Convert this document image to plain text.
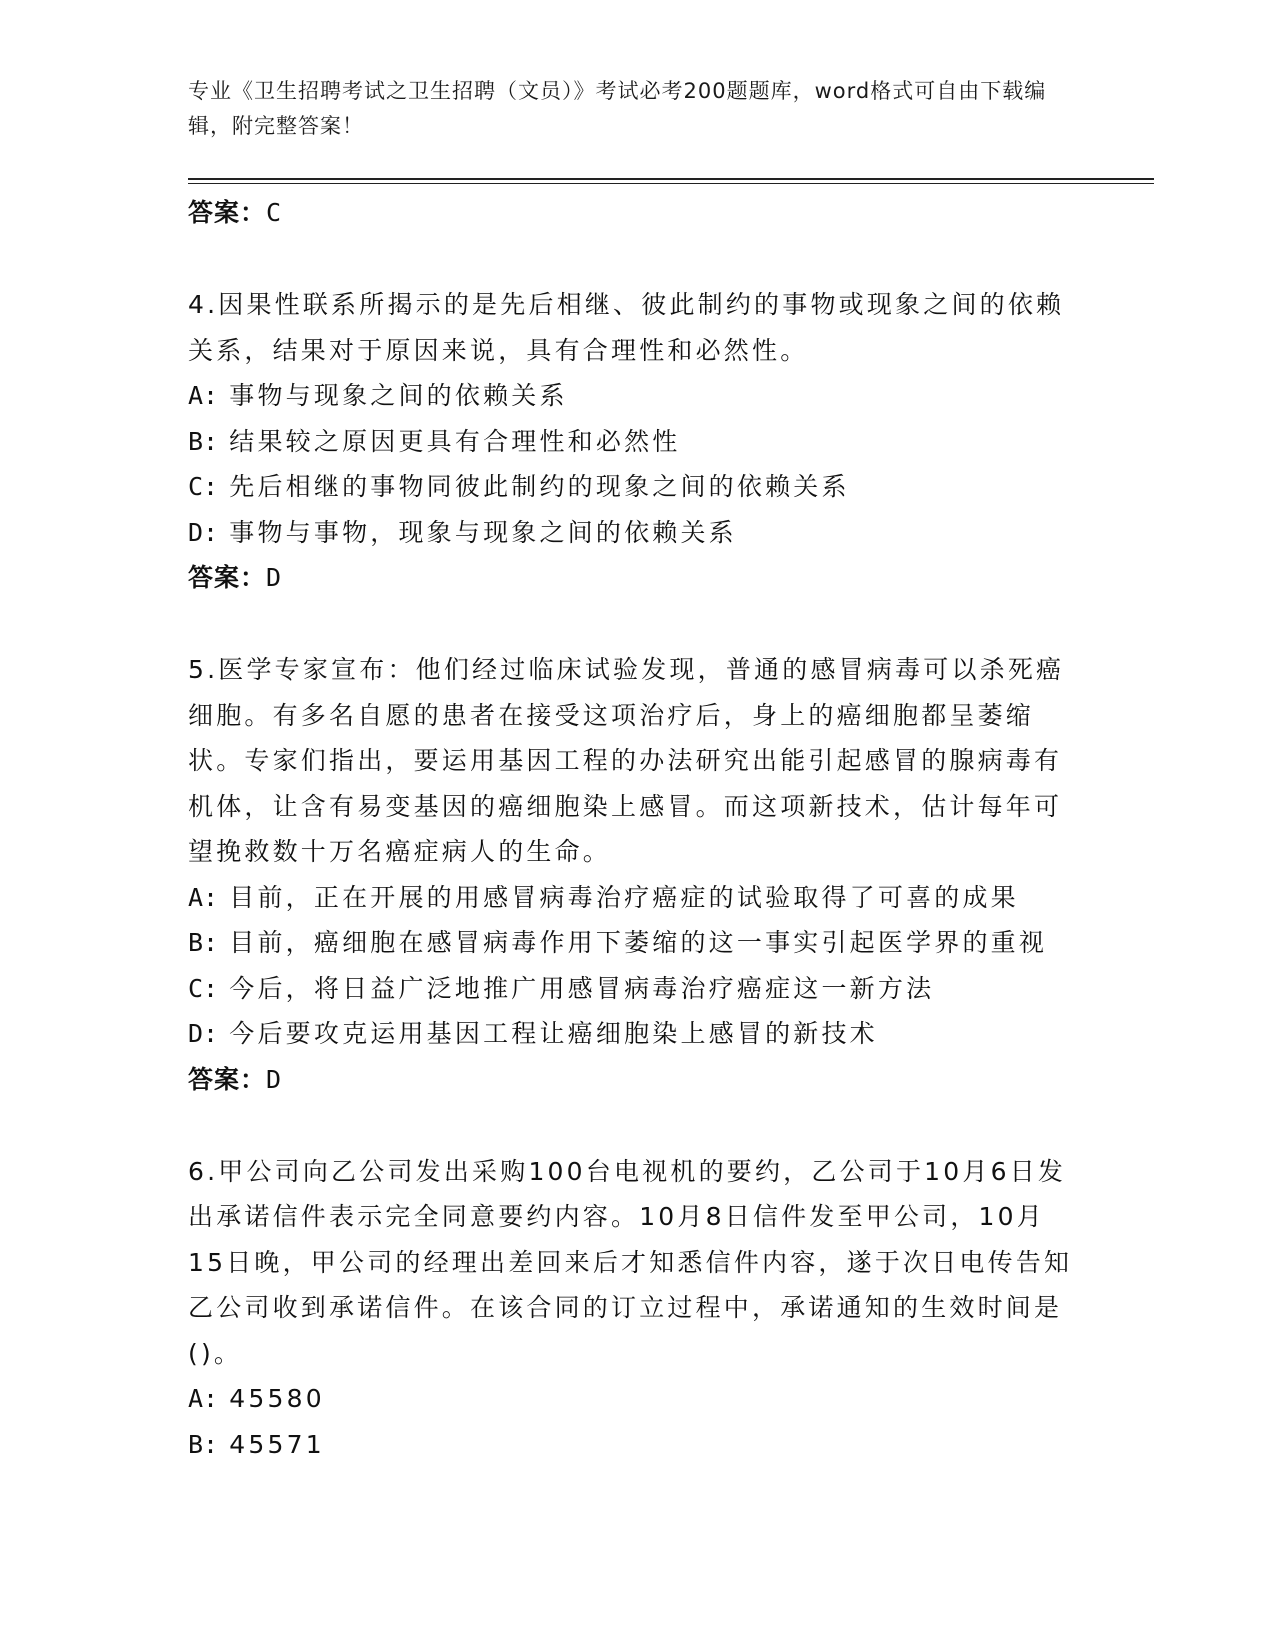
专业《卫生招聘考试之卫生招聘（文员）》考试必考200题题库，word格式可自由下载编辑，附完整答案！

答案：C

4.因果性联系所揭示的是先后相继、彼此制约的事物或现象之间的依赖关系，结果对于原因来说，具有合理性和必然性。

A: 事物与现象之间的依赖关系

B: 结果较之原因更具有合理性和必然性

C: 先后相继的事物同彼此制约的现象之间的依赖关系

D: 事物与事物，现象与现象之间的依赖关系

答案：D

5.医学专家宣布：他们经过临床试验发现，普通的感冒病毒可以杀死癌细胞。有多名自愿的患者在接受这项治疗后，身上的癌细胞都呈萎缩状。专家们指出，要运用基因工程的办法研究出能引起感冒的腺病毒有机体，让含有易变基因的癌细胞染上感冒。而这项新技术，估计每年可望挽救数十万名癌症病人的生命。

A: 目前，正在开展的用感冒病毒治疗癌症的试验取得了可喜的成果

B: 目前，癌细胞在感冒病毒作用下萎缩的这一事实引起医学界的重视

C: 今后，将日益广泛地推广用感冒病毒治疗癌症这一新方法

D: 今后要攻克运用基因工程让癌细胞染上感冒的新技术

答案：D

6.甲公司向乙公司发出采购100台电视机的要约，乙公司于10月6日发出承诺信件表示完全同意要约内容。10月8日信件发至甲公司，10月15日晚，甲公司的经理出差回来后才知悉信件内容，遂于次日电传告知乙公司收到承诺信件。在该合同的订立过程中，承诺通知的生效时间是()。

A: 45580

B: 45571
